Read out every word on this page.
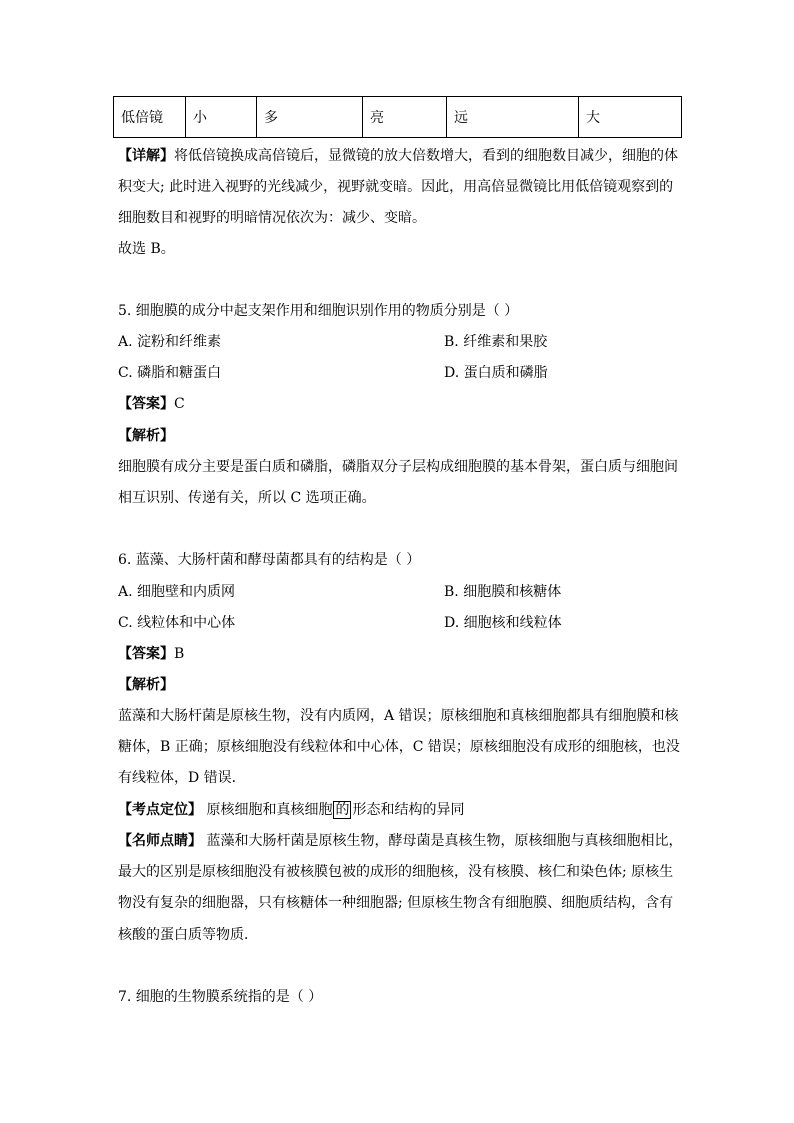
低倍镜	小	多	亮	远	大
【详解】将低倍镜换成高倍镜后，显微镜的放大倍数增大，看到的细胞数目减少，细胞的体
积变大; 此时进入视野的光线减少，视野就变暗。因此，用高倍显微镜比用低倍镜观察到的
细胞数目和视野的明暗情况依次为：减少、变暗。
故选 B。
5. 细胞膜的成分中起支架作用和细胞识别作用的物质分别是（ ）
A. 淀粉和纤维素	B. 纤维素和果胶
C. 磷脂和糖蛋白	D. 蛋白质和磷脂
【答案】C
【解析】
细胞膜有成分主要是蛋白质和磷脂，磷脂双分子层构成细胞膜的基本骨架，蛋白质与细胞间
相互识别、传递有关，所以 C 选项正确。
6. 蓝藻、大肠杆菌和酵母菌都具有的结构是（ ）
A. 细胞壁和内质网	B. 细胞膜和核糖体
C. 线粒体和中心体	D. 细胞核和线粒体
【答案】B
【解析】
蓝藻和大肠杆菌是原核生物，没有内质网，A 错误；原核细胞和真核细胞都具有细胞膜和核
糖体，B 正确；原核细胞没有线粒体和中心体，C 错误；原核细胞没有成形的细胞核，也没
有线粒体，D 错误．
【考点定位】 原核细胞和真核细胞 的 形态和结构的异同
【名师点睛】 蓝藻和大肠杆菌是原核生物，酵母菌是真核生物，原核细胞与真核细胞相比，
最大的区别是原核细胞没有被核膜包被的成形的细胞核，没有核膜、核仁和染色体; 原核生
物没有复杂的细胞器，只有核糖体一种细胞器; 但原核生物含有细胞膜、细胞质结构，含有
核酸的蛋白质等物质．
7. 细胞的生物膜系统指的是（ ）
